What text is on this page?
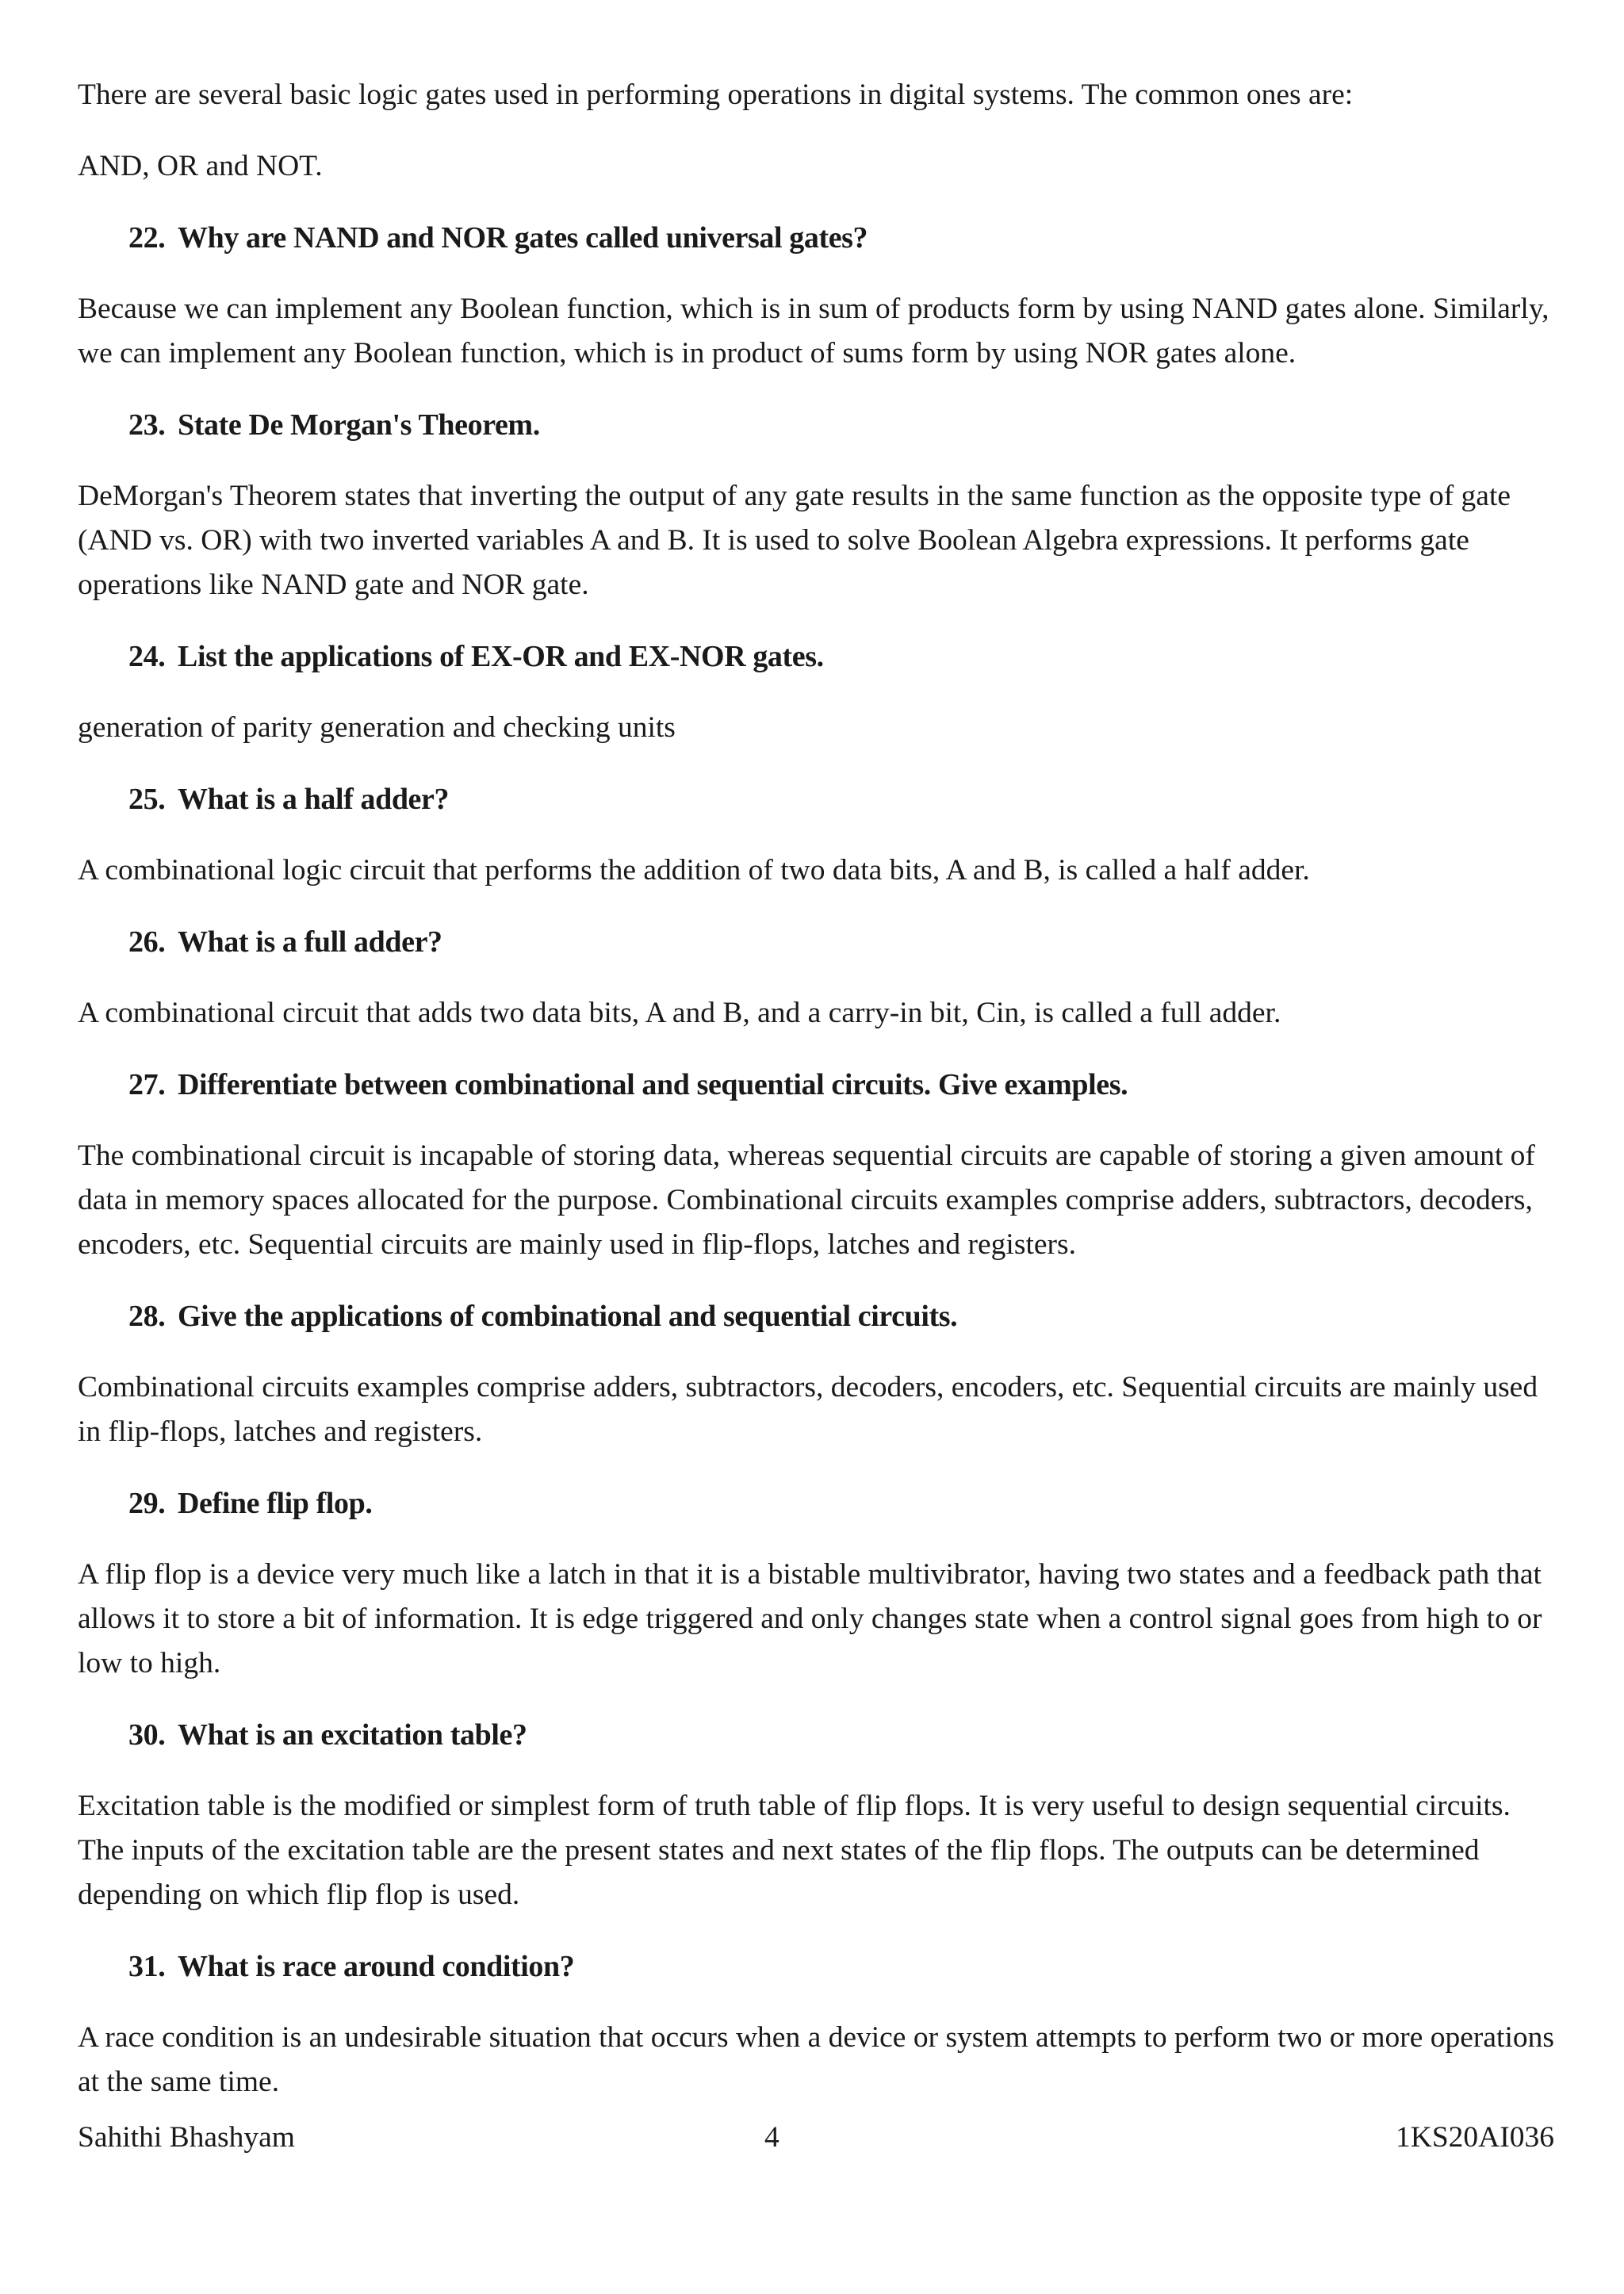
There are several basic logic gates used in performing operations in digital systems. The common ones are:

AND, OR and NOT.

22. Why are NAND and NOR gates called universal gates?

Because we can implement any Boolean function, which is in sum of products form by using NAND gates alone. Similarly, we can implement any Boolean function, which is in product of sums form by using NOR gates alone.

23. State De Morgan's Theorem.

DeMorgan's Theorem states that inverting the output of any gate results in the same function as the opposite type of gate (AND vs. OR) with two inverted variables A and B. It is used to solve Boolean Algebra expressions. It performs gate operations like NAND gate and NOR gate.

24. List the applications of EX-OR and EX-NOR gates.

generation of parity generation and checking units

25. What is a half adder?

A combinational logic circuit that performs the addition of two data bits, A and B, is called a half adder.

26. What is a full adder?

A combinational circuit that adds two data bits, A and B, and a carry-in bit, Cin, is called a full adder.

27. Differentiate between combinational and sequential circuits. Give examples.

The combinational circuit is incapable of storing data, whereas sequential circuits are capable of storing a given amount of data in memory spaces allocated for the purpose. Combinational circuits examples comprise adders, subtractors, decoders, encoders, etc. Sequential circuits are mainly used in flip-flops, latches and registers.

28. Give the applications of combinational and sequential circuits.

Combinational circuits examples comprise adders, subtractors, decoders, encoders, etc. Sequential circuits are mainly used in flip-flops, latches and registers.

29. Define flip flop.

A flip flop is a device very much like a latch in that it is a bistable multivibrator, having two states and a feedback path that allows it to store a bit of information. It is edge triggered and only changes state when a control signal goes from high to or low to high.

30. What is an excitation table?

Excitation table is the modified or simplest form of truth table of flip flops. It is very useful to design sequential circuits. The inputs of the excitation table are the present states and next states of the flip flops. The outputs can be determined depending on which flip flop is used.

31. What is race around condition?

A race condition is an undesirable situation that occurs when a device or system attempts to perform two or more operations at the same time.

Sahithi Bhashyam	4	1KS20AI036
